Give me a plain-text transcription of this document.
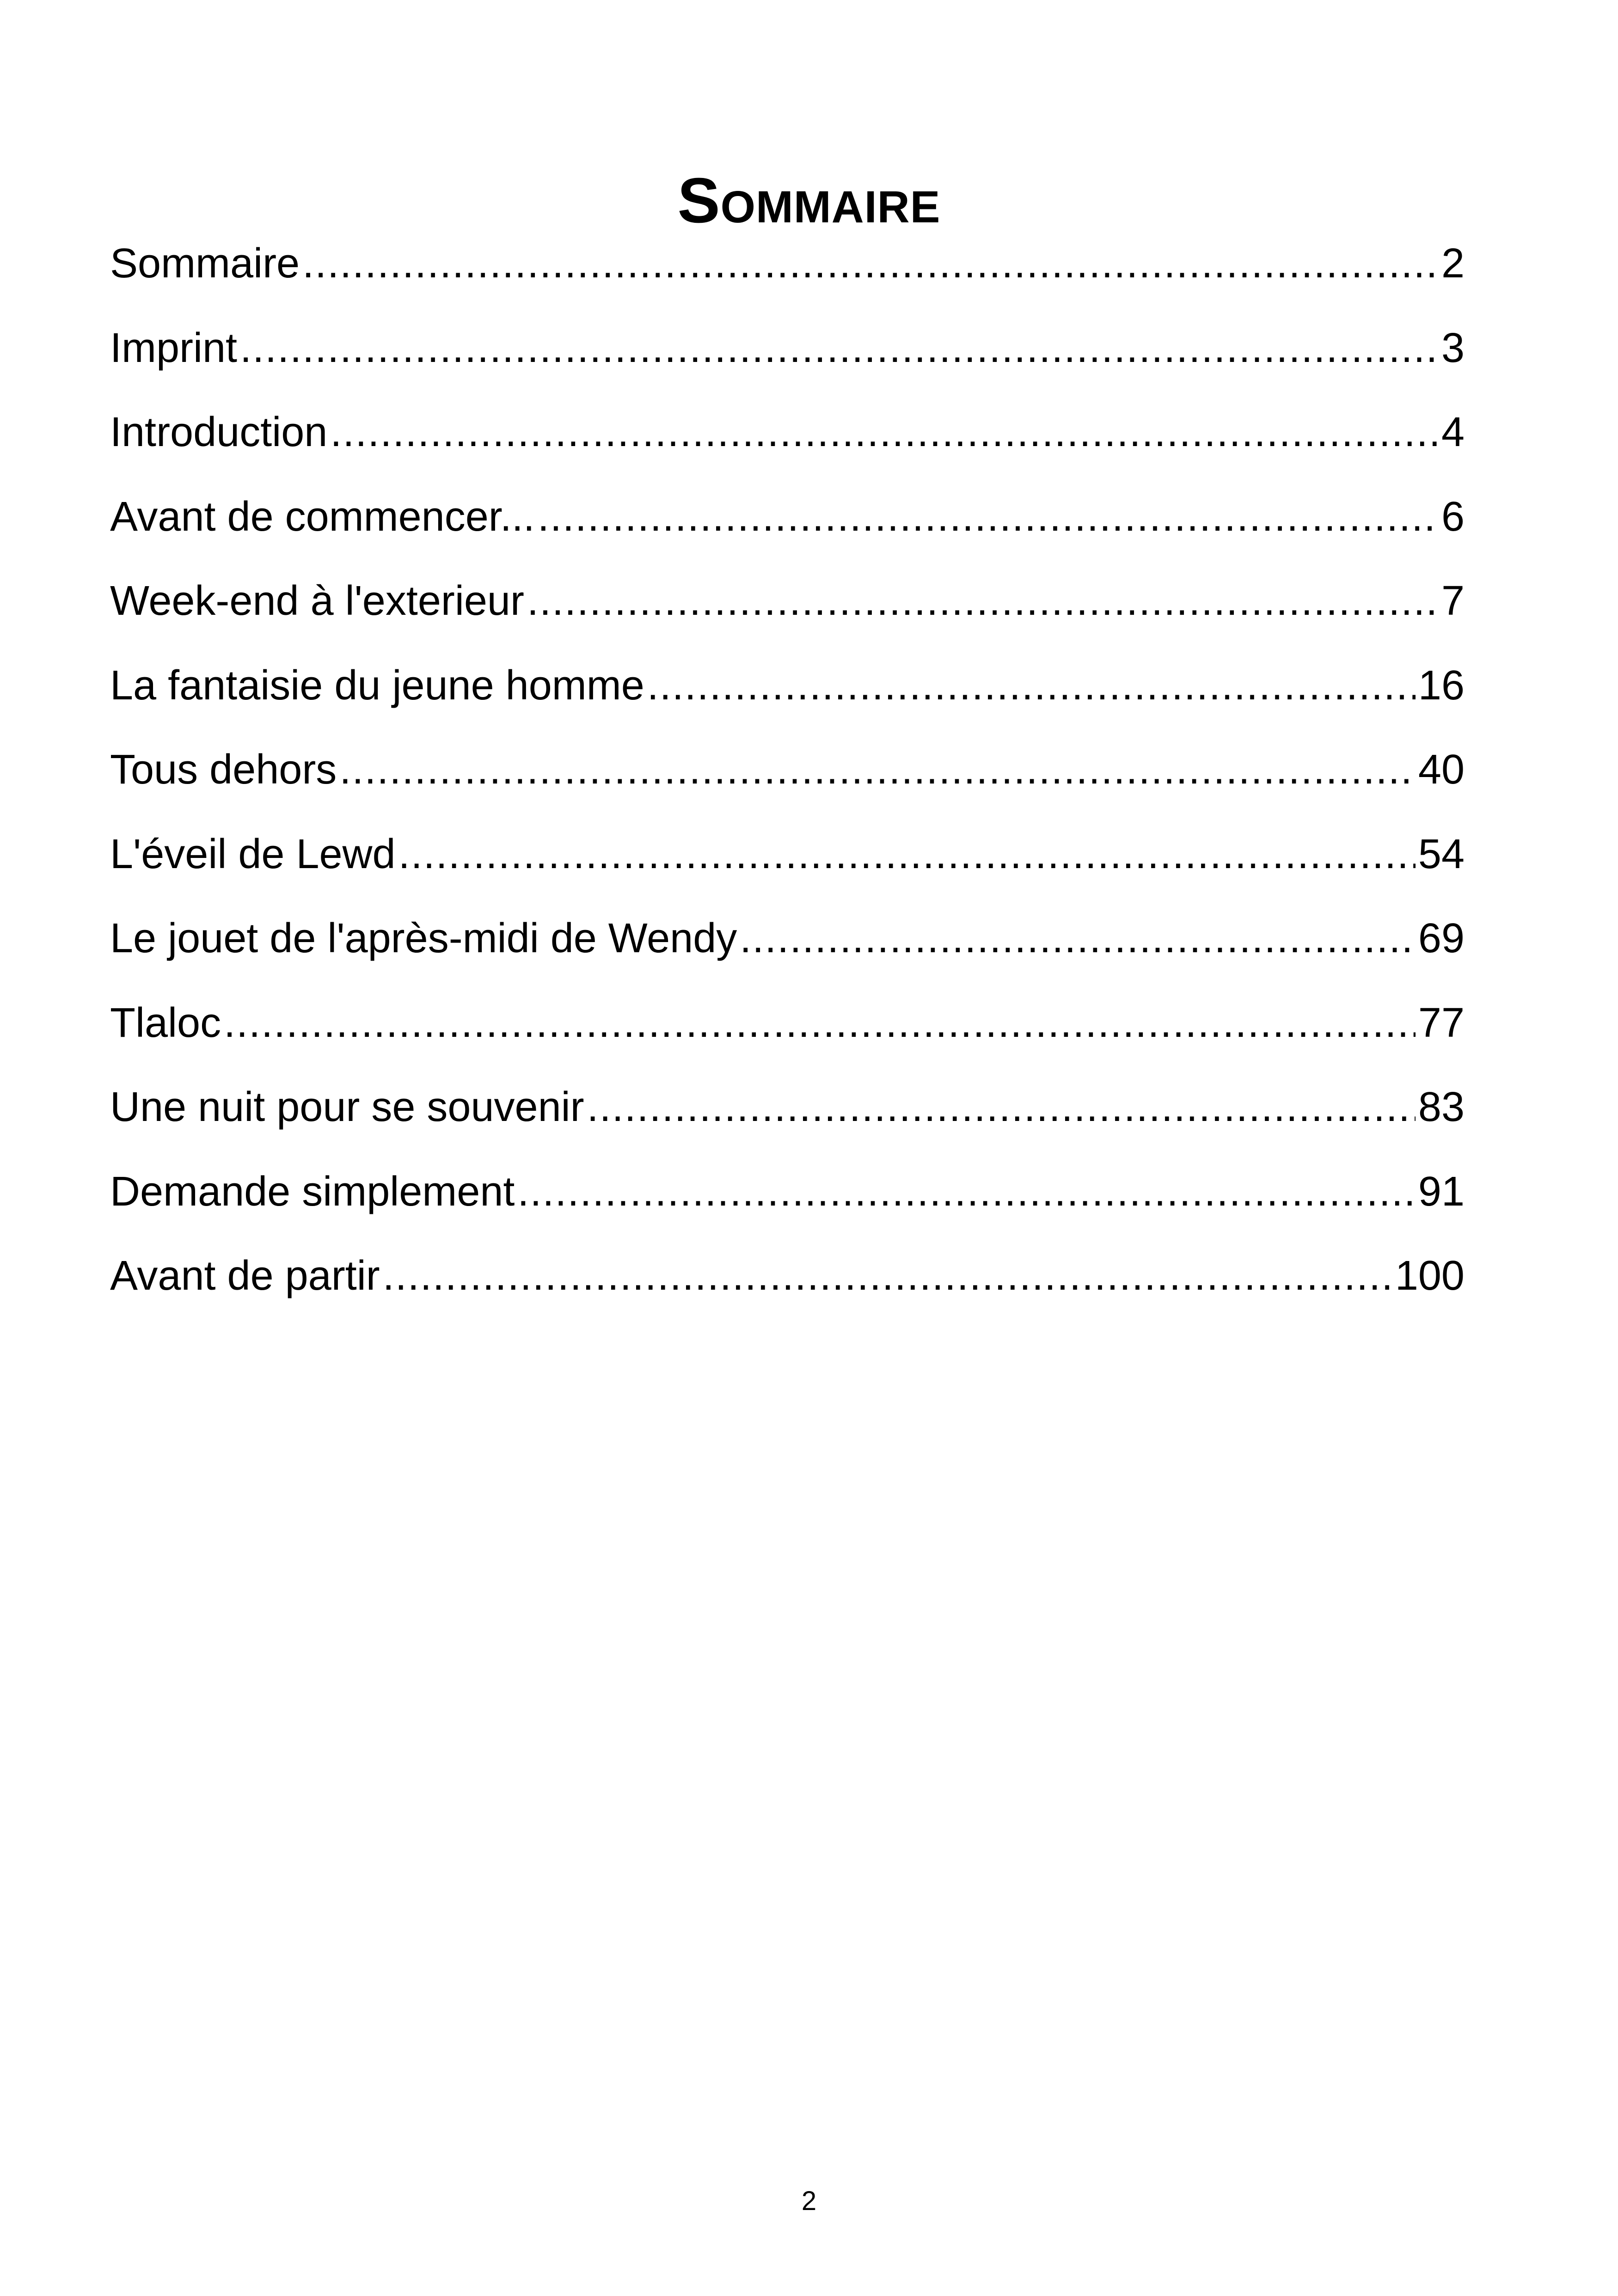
Sommaire
Sommaire .....	2
Imprint .....	3
Introduction .....	4
Avant de commencer... .....	6
Week-end à l'exterieur .....	7
La fantaisie du jeune homme .....	16
Tous dehors .....	40
L'éveil de Lewd .....	54
Le jouet de l'après-midi de Wendy .....	69
Tlaloc .....	77
Une nuit pour se souvenir .....	83
Demande simplement .....	91
Avant de partir .....	100
2
